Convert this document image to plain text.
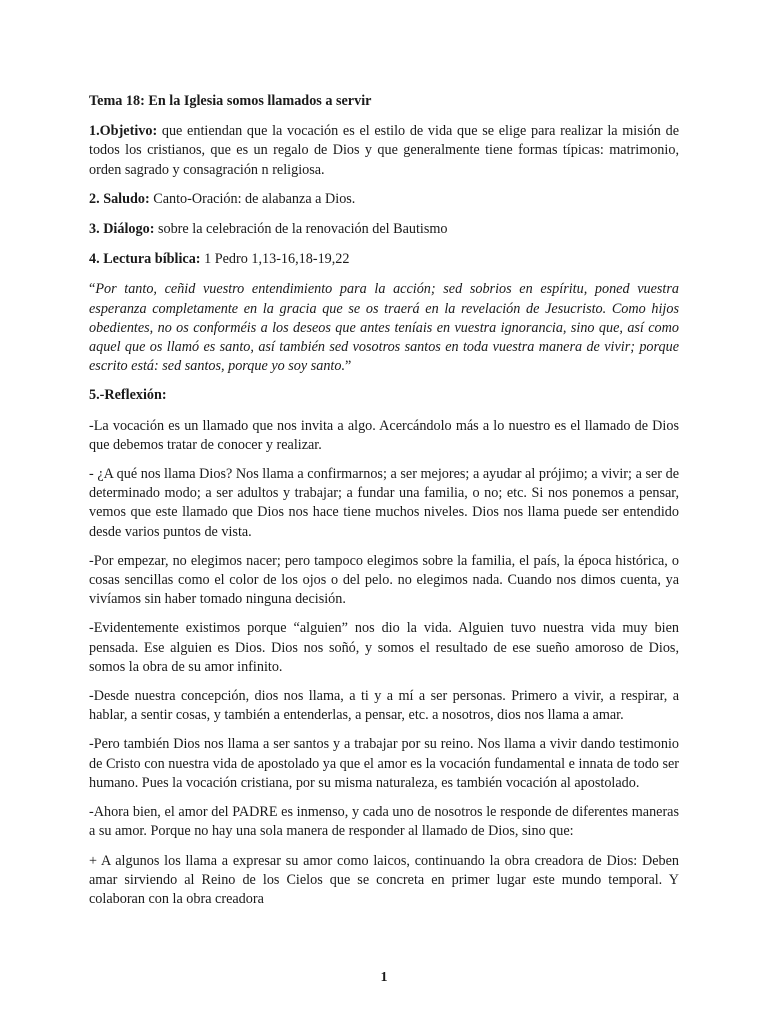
Tema 18: En la Iglesia somos llamados a servir

1.Objetivo: que entiendan que la vocación es el estilo de vida que se elige para realizar la misión de todos los cristianos, que es un regalo de Dios y que generalmente tiene formas típicas: matrimonio, orden sagrado y consagración n religiosa.

2. Saludo: Canto-Oración: de alabanza a Dios.

3. Diálogo: sobre la celebración de la renovación del Bautismo

4. Lectura bíblica: 1 Pedro 1,13-16,18-19,22

“Por tanto, ceñid vuestro entendimiento para la acción; sed sobrios en espíritu, poned vuestra esperanza completamente en la gracia que se os traerá en la revelación de Jesucristo. Como hijos obedientes, no os conforméis a los deseos que antes teníais en vuestra ignorancia, sino que, así como aquel que os llamó es santo, así también sed vosotros santos en toda vuestra manera de vivir; porque escrito está: sed santos, porque yo soy santo.”

5.-Reflexión:

-La vocación es un llamado que nos invita a algo. Acercándolo más a lo nuestro es el llamado de Dios que debemos tratar de conocer y realizar.

- ¿A qué nos llama Dios? Nos llama a confirmarnos; a ser mejores; a ayudar al prójimo; a vivir; a ser de determinado modo; a ser adultos y trabajar; a fundar una familia, o no; etc. Si nos ponemos a pensar, vemos que este llamado que Dios nos hace tiene muchos niveles. Dios nos llama puede ser entendido desde varios puntos de vista.

-Por empezar, no elegimos nacer; pero tampoco elegimos sobre la familia, el país, la época histórica, o cosas sencillas como el color de los ojos o del pelo. no elegimos nada. Cuando nos dimos cuenta, ya vivíamos sin haber tomado ninguna decisión.

-Evidentemente existimos porque “alguien” nos dio la vida. Alguien tuvo nuestra vida muy bien pensada. Ese alguien es Dios. Dios nos soñó, y somos el resultado de ese sueño amoroso de Dios, somos la obra de su amor infinito.

-Desde nuestra concepción, dios nos llama, a ti y a mí a ser personas. Primero a vivir, a respirar, a hablar, a sentir cosas, y también a entenderlas, a pensar, etc. a nosotros, dios nos llama a amar.

-Pero también Dios nos llama a ser santos y a trabajar por su reino. Nos llama a vivir dando testimonio de Cristo con nuestra vida de apostolado ya que el amor es la vocación fundamental e innata de todo ser humano. Pues la vocación cristiana, por su misma naturaleza, es también vocación al apostolado.

-Ahora bien, el amor del PADRE es inmenso, y cada uno de nosotros le responde de diferentes maneras a su amor. Porque no hay una sola manera de responder al llamado de Dios, sino que:

+ A algunos los llama a expresar su amor como laicos, continuando la obra creadora de Dios: Deben amar sirviendo al Reino de los Cielos que se concreta en primer lugar este mundo temporal. Y colaboran con la obra creadora

1
